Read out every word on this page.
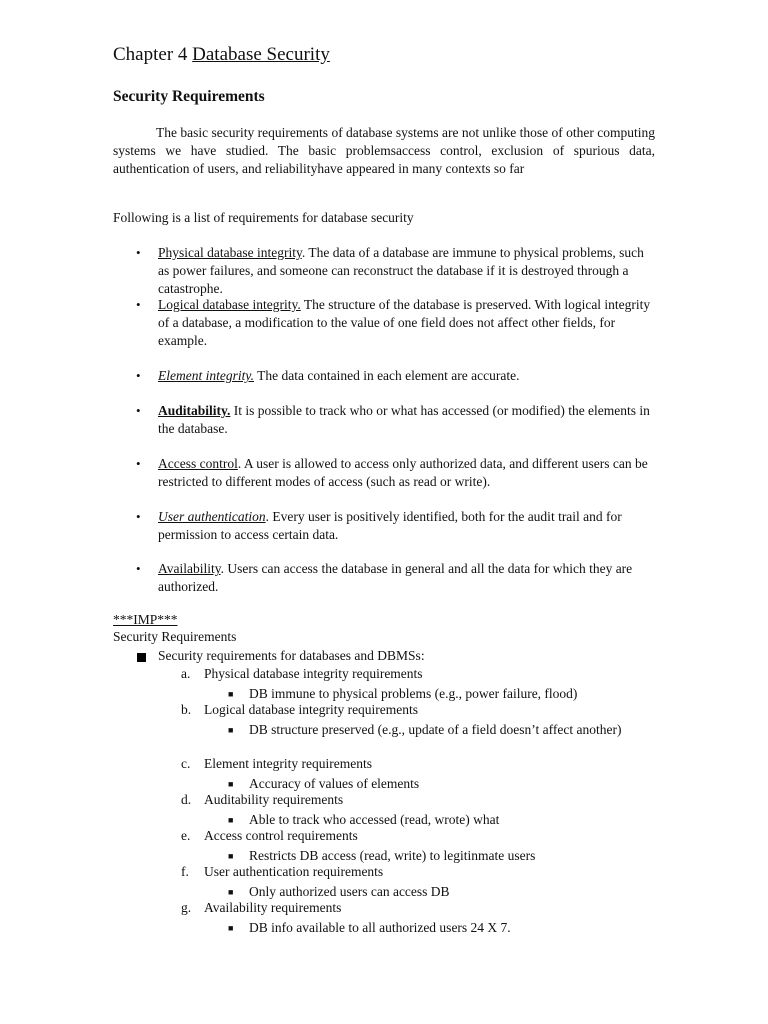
Chapter 4 Database Security
Security Requirements

The basic security requirements of database systems are not unlike those of other computing systems we have studied. The basic problemsaccess control, exclusion of spurious data, authentication of users, and reliabilityhave appeared in many contexts so far

Following is a list of requirements for database security

• Physical database integrity. The data of a database are immune to physical problems, such as power failures, and someone can reconstruct the database if it is destroyed through a catastrophe.
• Logical database integrity. The structure of the database is preserved. With logical integrity of a database, a modification to the value of one field does not affect other fields, for example.
• Element integrity. The data contained in each element are accurate.
• Auditability. It is possible to track who or what has accessed (or modified) the elements in the database.
• Access control. A user is allowed to access only authorized data, and different users can be restricted to different modes of access (such as read or write).
• User authentication. Every user is positively identified, both for the audit trail and for permission to access certain data.
• Availability. Users can access the database in general and all the data for which they are authorized.
***IMP***
Security Requirements
Security requirements for databases and DBMSs:
a. Physical database integrity requirements
■ DB immune to physical problems (e.g., power failure, flood)
b. Logical database integrity requirements
■ DB structure preserved (e.g., update of a field doesn’t affect another)
c. Element integrity requirements
■ Accuracy of values of elements
d. Auditability requirements
■ Able to track who accessed (read, wrote) what
e. Access control requirements
■ Restricts DB access (read, write) to legitinmate users
f. User authentication requirements
■ Only authorized users can access DB
g. Availability requirements
■ DB info available to all authorized users 24 X 7.
